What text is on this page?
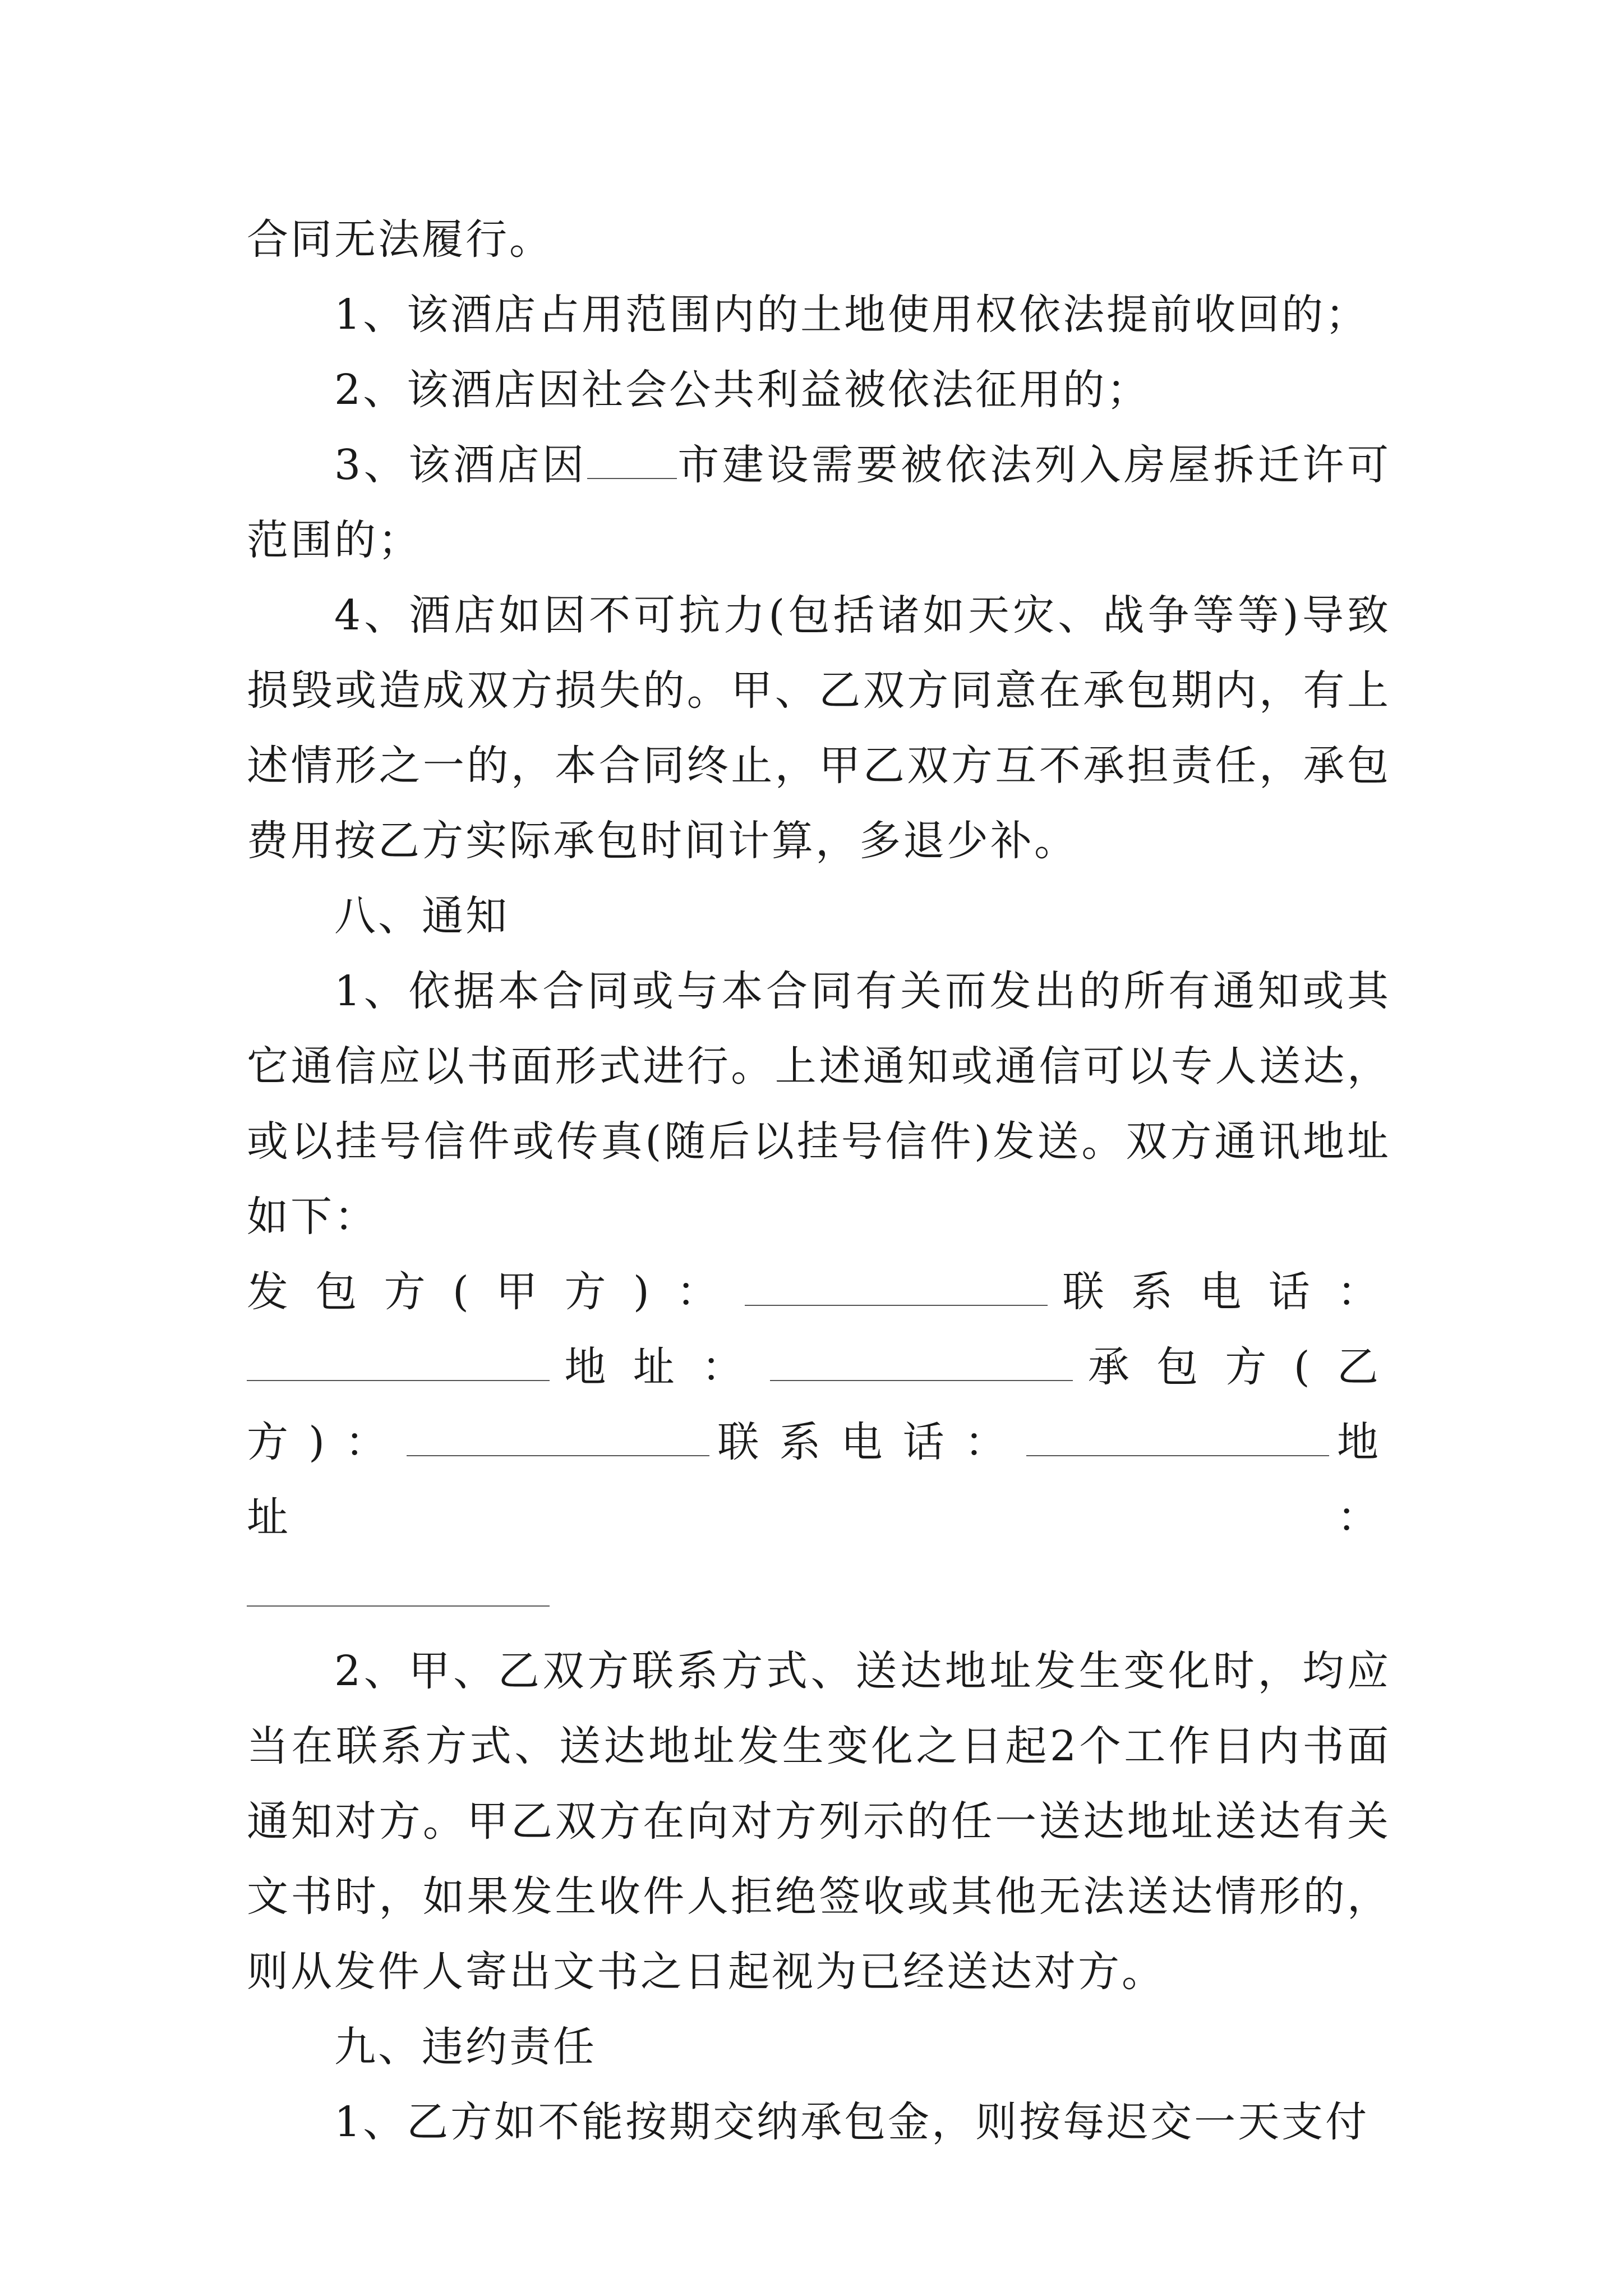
合同无法履行。

1、该酒店占用范围内的土地使用权依法提前收回的；

2、该酒店因社会公共利益被依法征用的；

3、该酒店因 市建设需要被依法列入房屋拆迁许可范围的；

4、酒店如因不可抗力(包括诸如天灾、战争等等)导致损毁或造成双方损失的。甲、乙双方同意在承包期内，有上述情形之一的，本合同终止，甲乙双方互不承担责任，承包费用按乙方实际承包时间计算，多退少补。

八、通知

1、依据本合同或与本合同有关而发出的所有通知或其它通信应以书面形式进行。上述通知或通信可以专人送达，或以挂号信件或传真(随后以挂号信件)发送。双方通讯地址如下：

发包方(甲方)：	联系电话：地址：	承包方(乙方)：	联系电话：	地址：

2、甲、乙双方联系方式、送达地址发生变化时，均应当在联系方式、送达地址发生变化之日起2个工作日内书面通知对方。甲乙双方在向对方列示的任一送达地址送达有关文书时，如果发生收件人拒绝签收或其他无法送达情形的，则从发件人寄出文书之日起视为已经送达对方。

九、违约责任

1、乙方如不能按期交纳承包金，则按每迟交一天支付
